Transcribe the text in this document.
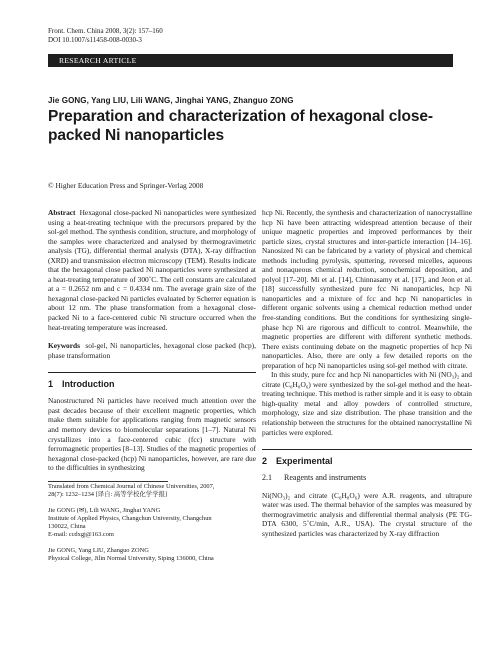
Front. Chem. China 2008, 3(2): 157–160
DOI 10.1007/s11458-008-0030-3
RESEARCH ARTICLE
Jie GONG, Yang LIU, Lili WANG, Jinghai YANG, Zhanguo ZONG
Preparation and characterization of hexagonal close-packed Ni nanoparticles
© Higher Education Press and Springer-Verlag 2008

Abstract Hexagonal close-packed Ni nanoparticles were synthesized using a heat-treating technique with the precursors prepared by the sol-gel method. The synthesis condition, structure, and morphology of the samples were characterized and analysed by thermogravimetric analysis (TG), differential thermal analysis (DTA), X-ray diffraction (XRD) and transmission electron microscopy (TEM). Results indicate that the hexagonal close packed Ni nanoparticles were synthesized at a heat-treating temperature of 300˚C. The cell constants are calculated at a = 0.2652 nm and c = 0.4334 nm. The average grain size of the hexagonal close-packed Ni particles evaluated by Scherrer equation is about 12 nm. The phase transformation from a hexagonal close-packed Ni to a face-centered cubic Ni structure occurred when the heat-treating temperature was increased.

Keywords sol-gel, Ni nanoparticles, hexagonal close packed (hcp), phase transformation

1 Introduction

Nanostructured Ni particles have received much attention over the past decades because of their excellent magnetic properties, which make them suitable for applications ranging from magnetic sensors and memory devices to biomolecular separations [1–7]. Natural Ni crystallizes into a face-centered cubic (fcc) structure with ferromagnetic properties [8–13]. Studies of the magnetic properties of hexagonal close-packed (hcp) Ni nanoparticles, however, are rare due to the difficulties in synthesizing

Translated from Chemical Journal of Chinese Universities, 2007,
28(7): 1232–1234 [译自: 高等学校化学学报]
Jie GONG (✉), Lili WANG, Jinghai YANG
Institute of Applied Physics, Changchun University, Changchun
130022, China
E-mail: ccdxgj@163.com
Jie GONG, Yang LIU, Zhanguo ZONG
Physical College, Jilin Normal University, Siping 136000, China

hcp Ni. Recently, the synthesis and characterization of nanocrystalline hcp Ni have been attracting widespread attention because of their unique magnetic properties and improved performances by their particle sizes, crystal structures and inter-particle interaction [14–16]. Nanosized Ni can be fabricated by a variety of physical and chemical methods including pyrolysis, sputtering, reversed micelles, aqueous and nonaqueous chemical reduction, sonochemical deposition, and polyol [17–20]. Mi et al. [14], Chinnasamy et al. [17], and Jeon et al. [18] successfully synthesized pure fcc Ni nanoparticles, hcp Ni nanoparticles and a mixture of fcc and hcp Ni nanoparticles in different organic solvents using a chemical reduction method under free-standing conditions. But the conditions for synthesizing single-phase hcp Ni are rigorous and difficult to control. Meanwhile, the magnetic properties are different with different synthetic methods. There exists continuing debate on the magnetic properties of hcp Ni nanoparticles. Also, there are only a few detailed reports on the preparation of hcp Ni nanoparticles using sol-gel method with citrate.

In this study, pure fcc and hcp Ni nanoparticles with Ni (NO₃)₂ and citrate (C₆H₈O₆) were synthesized by the sol-gel method and the heat-treating technique. This method is rather simple and it is easy to obtain high-quality metal and alloy powders of controlled structure, morphology, size and size distribution. The phase transition and the relationship between the structures for the obtained nanocrystalline Ni particles were explored.

2 Experimental
2.1 Reagents and instruments

Ni(NO₃)₂ and citrate (C₆H₈O₆) were A.R. reagents, and ultrapure water was used. The thermal behavior of the samples was measured by thermogravimetric analysis and differential thermal analysis (PE TG-DTA 6300, 5˚C/min, A.R., USA). The crystal structure of the synthesized particles was characterized by X-ray diffraction
